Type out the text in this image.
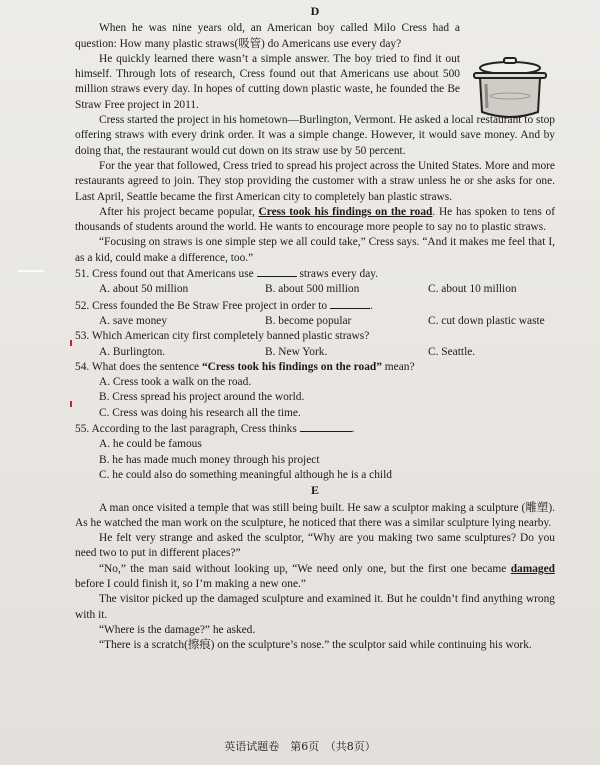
D

When he was nine years old, an American boy called Milo Cress had a question: How many plastic straws(吸管) do Americans use every day?

He quickly learned there wasn’t a simple answer. The boy tried to find it out himself. Through lots of research, Cress found out that Americans use about 500 million straws every day. In hopes of cutting down plastic waste, he founded the Be Straw Free project in 2011.

Cress started the project in his hometown—Burlington, Vermont. He asked a local restaurant to stop offering straws with every drink order. It was a simple change. However, it would save money. And by doing that, the restaurant would cut down on its straw use by 50 percent.

For the year that followed, Cress tried to spread his project across the United States. More and more restaurants agreed to join. They stop providing the customer with a straw unless he or she asks for one. Last April, Seattle became the first American city to completely ban plastic straws.

After his project became popular, Cress took his findings on the road. He has spoken to tens of thousands of students around the world. He wants to encourage more people to say no to plastic straws.

“Focusing on straws is one simple step we all could take,” Cress says. “And it makes me feel that I, as a kid, could make a difference, too.”

51. Cress found out that Americans use	straws every day.
A. about 50 million	B. about 500 million	C. about 10 million
52. Cress founded the Be Straw Free project in order to	.
A. save money	B. become popular	C. cut down plastic waste
53. Which American city first completely banned plastic straws?
A. Burlington.	B. New York.	C. Seattle.
54. What does the sentence “Cress took his findings on the road” mean?
A. Cress took a walk on the road.
B. Cress spread his project around the world.
C. Cress was doing his research all the time.
55. According to the last paragraph, Cress thinks	.
A. he could be famous
B. he has made much money through his project
C. he could also do something meaningful although he is a child
E

A man once visited a temple that was still being built. He saw a sculptor making a sculpture (雕塑). As he watched the man work on the sculpture, he noticed that there was a similar sculpture lying nearby.

He felt very strange and asked the sculptor, “Why are you making two same sculptures? Do you need two to put in different places?”

“No,” the man said without looking up, “We need only one, but the first one became damaged before I could finish it, so I’m making a new one.”

The visitor picked up the damaged sculpture and examined it. But he couldn’t find anything wrong with it.

“Where is the damage?” he asked.

“There is a scratch(擦痕) on the sculpture’s nose.” the sculptor said while continuing his work.

英语试题卷　第6页　（共8页）
